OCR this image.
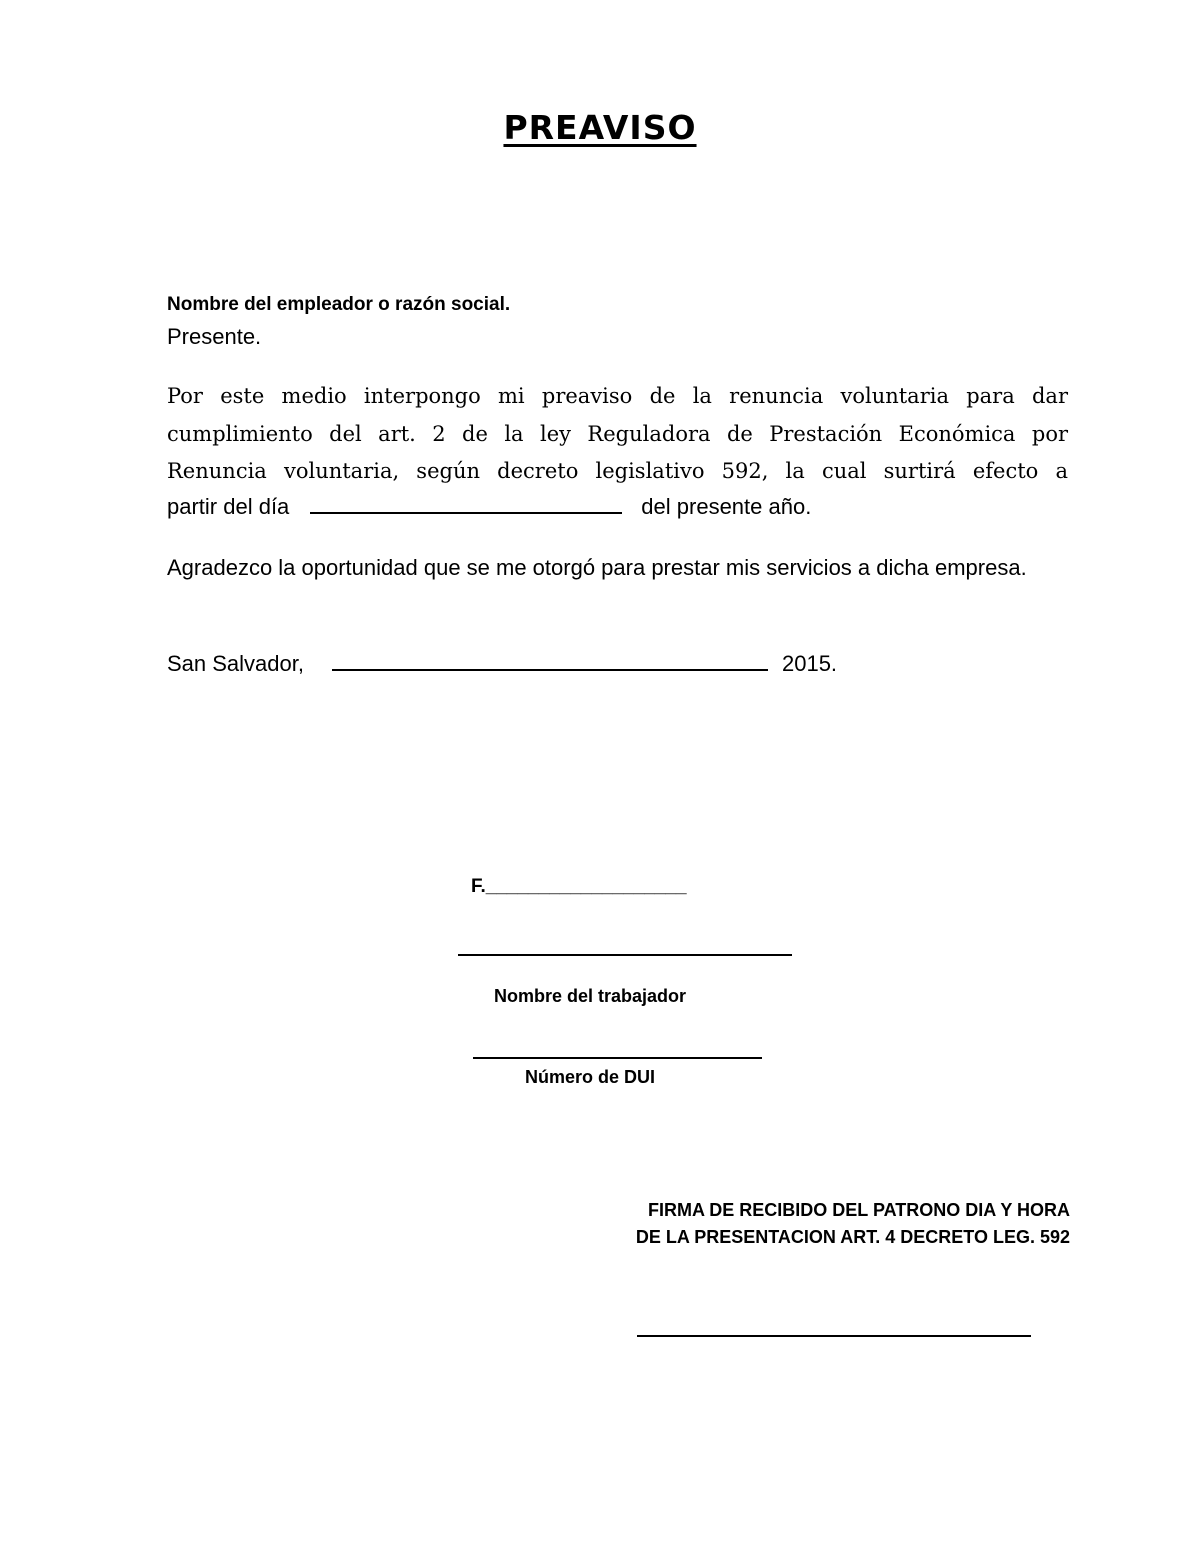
PREAVISO
Nombre del empleador o razón social.
Presente.
Por este medio interpongo mi preaviso de la renuncia voluntaria para dar
cumplimiento del art. 2 de la ley Reguladora de Prestación Económica por
Renuncia voluntaria, según decreto legislativo 592, la cual surtirá efecto a
partir del día	del presente año.
Agradezco la oportunidad que se me otorgó para prestar mis servicios a dicha empresa.
San Salvador,	2015.
F.___________________
Nombre del trabajador
Número de DUI
FIRMA DE RECIBIDO DEL PATRONO DIA Y HORA
DE LA PRESENTACION ART. 4 DECRETO LEG. 592
